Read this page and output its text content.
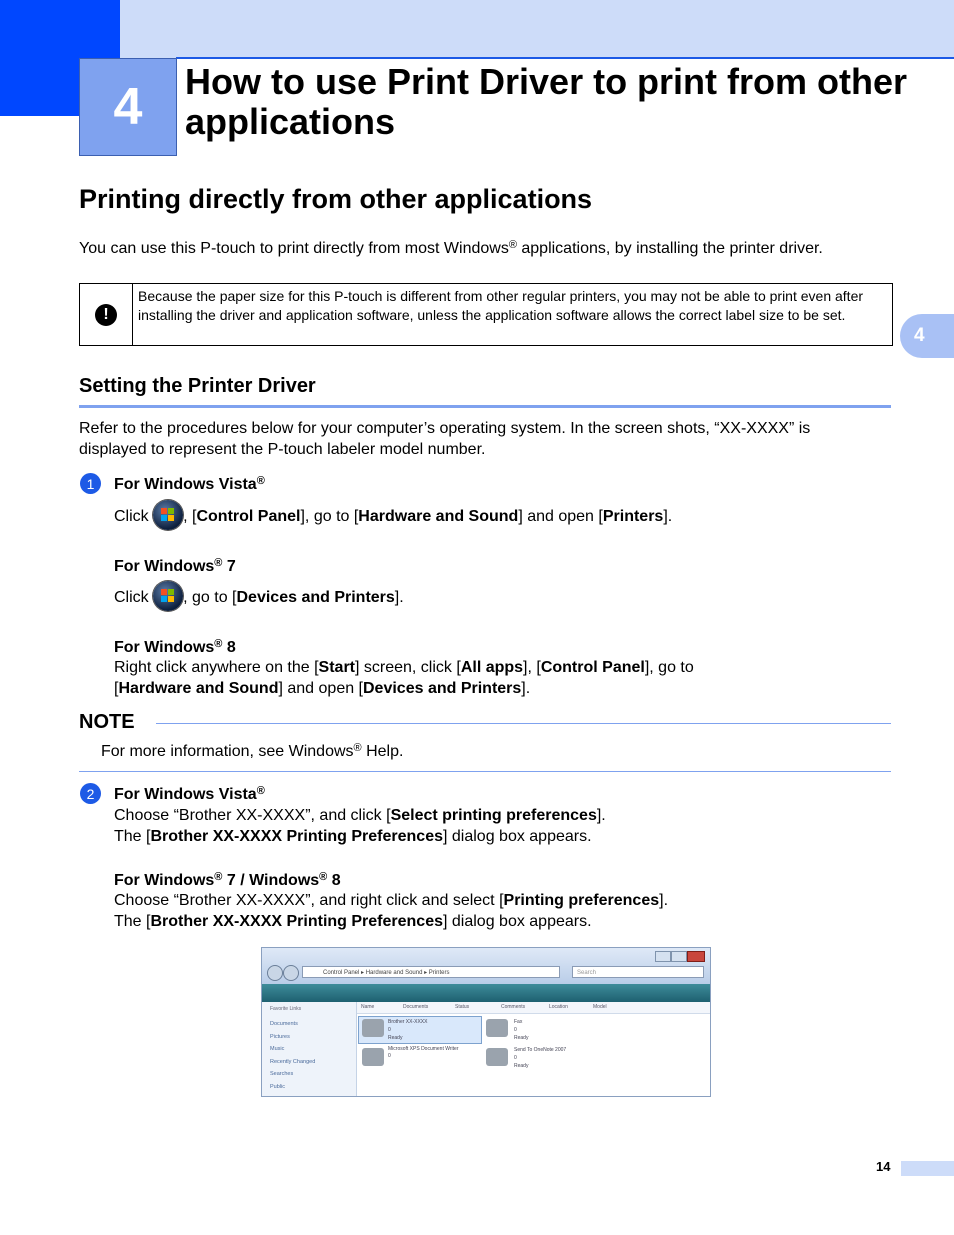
4 How to use Print Driver to print from other applications
Printing directly from other applications
You can use this P-touch to print directly from most Windows® applications, by installing the printer driver.
!
Because the paper size for this P-touch is different from other regular printers, you may not be able to print even after installing the driver and application software, unless the application software allows the correct label size to be set.
4
Setting the Printer Driver
Refer to the procedures below for your computer’s operating system. In the screen shots, “XX-XXXX” is displayed to represent the P-touch labeler model number.
1	For Windows Vista®
Click , [Control Panel], go to [Hardware and Sound] and open [Printers].
For Windows® 7
Click , go to [Devices and Printers].
For Windows® 8
Right click anywhere on the [Start] screen, click [All apps], [Control Panel], go to
[Hardware and Sound] and open [Devices and Printers].
NOTE
For more information, see Windows® Help.
2	For Windows Vista®
Choose “Brother XX-XXXX”, and click [Select printing preferences].
The [Brother XX-XXXX Printing Preferences] dialog box appears.
For Windows® 7 / Windows® 8
Choose “Brother XX-XXXX”, and right click and select [Printing preferences].
The [Brother XX-XXXX Printing Preferences] dialog box appears.
Control Panel ▸ Hardware and Sound ▸ Printers	Search
Favorite Links
Documents
Pictures
Music
Recently Changed
Searches
Public
Name	Documents	Status	Comments	Location	Model
Brother XX-XXXX
0
Ready
Fax
0
Ready
Microsoft XPS Document Writer
0
Send To OneNote 2007
0
Ready
14
